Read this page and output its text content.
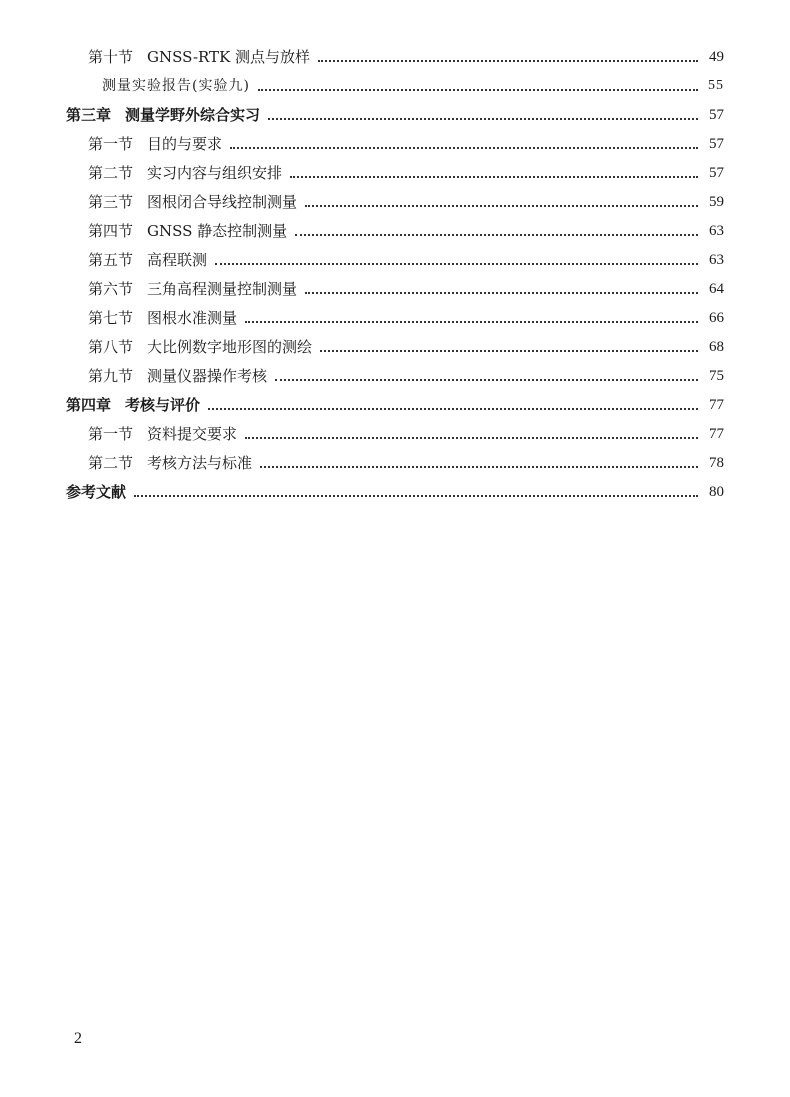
第十节 GNSS-RTK 测点与放样	49
测量实验报告(实验九)	55
第三章 测量学野外综合实习	57
第一节 目的与要求	57
第二节 实习内容与组织安排	57
第三节 图根闭合导线控制测量	59
第四节 GNSS 静态控制测量	63
第五节 高程联测	63
第六节 三角高程测量控制测量	64
第七节 图根水准测量	66
第八节 大比例数字地形图的测绘	68
第九节 测量仪器操作考核	75
第四章 考核与评价	77
第一节 资料提交要求	77
第二节 考核方法与标准	78
参考文献	80
2
